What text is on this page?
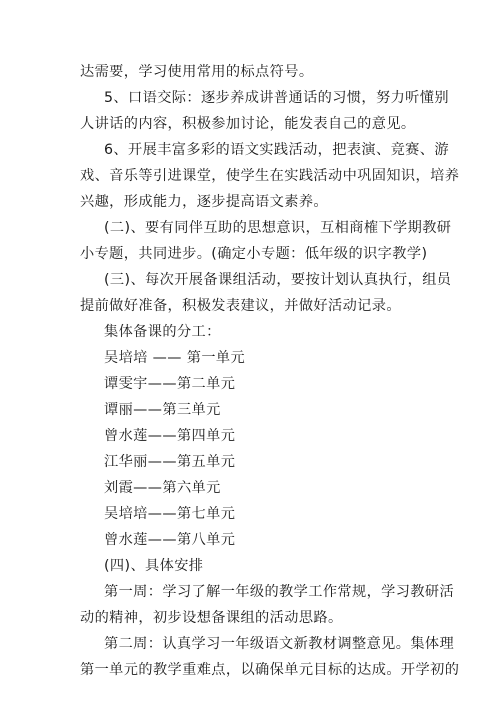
达需要，学习使用常用的标点符号。
5、口语交际：逐步养成讲普通话的习惯，努力听懂别
人讲话的内容，积极参加讨论，能发表自己的意见。
6、开展丰富多彩的语文实践活动，把表演、竞赛、游
戏、音乐等引进课堂，使学生在实践活动中巩固知识，培养
兴趣，形成能力，逐步提高语文素养。
(二)、要有同伴互助的思想意识，互相商榷下学期教研
小专题，共同进步。(确定小专题：低年级的识字教学)
(三)、每次开展备课组活动，要按计划认真执行，组员
提前做好准备，积极发表建议，并做好活动记录。
集体备课的分工：
吴培培 —— 第一单元
谭雯宇——第二单元
谭丽——第三单元
曾水莲——第四单元
江华丽——第五单元
刘霞——第六单元
吴培培——第七单元
曾水莲——第八单元
(四)、具体安排
第一周：学习了解一年级的教学工作常规，学习教研活
动的精神，初步设想备课组的活动思路。
第二周：认真学习一年级语文新教材调整意见。集体理
第一单元的教学重难点，以确保单元目标的达成。开学初的
